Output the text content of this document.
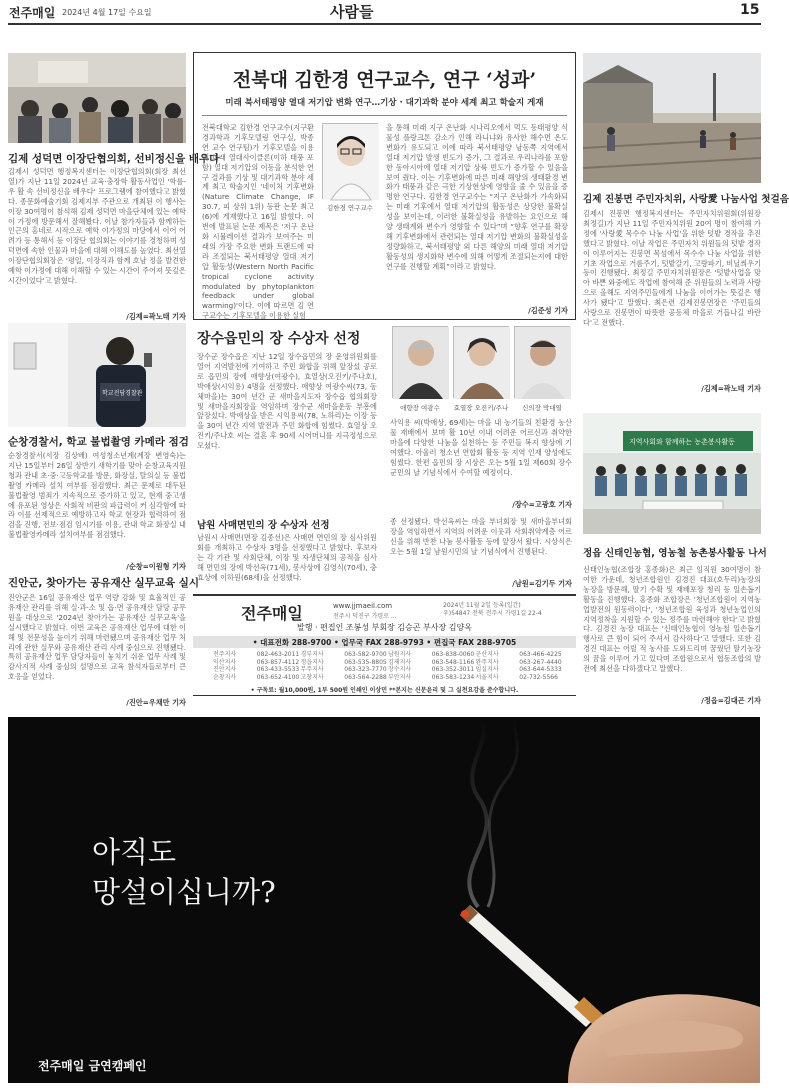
전주매일 2024년 4월 17일 수요일	사람들	15
김제 성덕면 이장단협의회, 선비정신을 배우다
김제시 성덕면 행정복지센터는 이장단협의회(회장 최선 열)가 지난 11일 2024년 교육·충장학 활동사업인 '학를-우 활 속 선비정신을 배우다' 프로그램에 참여했다고 밝혔다. 종문화예술기회 김제지부 주관으로 개최된 이 행사는 이장 30여명이 참석해 김제 성덕면 마을단체에 있는 예학 이 가정에 방문해서 잘해봤다. 이날 참가자들과 함께하는 인근의 홍네로 시작으로 예학 이가정의 마당에서 이어 어려가 등 통해서 등 이장단 협의회는 이야기를 경청하며 성덕면에 속한 인물과 마을에 대해 이해도를 높였다. 최선열 이장단협의회장은 '평일, 이장직과 함께 호남 정을 발견한 예학 이가정에 대해 이해할 수 있는 시간이 주어져 뜻깊은 시간이었다'고 밝혔다.
/김제=곽노태 기자
학교전담경찰관
순창경찰서, 학교 불법촬영 카메라 점검
순창경찰서(서장 김상배) 여성청소년계(계장 변영숙)는 지난 15일부터 26일 상반기 새학기를 맞아 순창교육지원청과 관내 초·중·고등학교를 방문, 화장실, 탈의실 등 불법촬영 카메라 설치 여부를 점검했다. 최근 문제로 대두된 불법촬영 범죄가 지속적으로 증가하고 있고, 현재 중고생에 유포된 영상은 사회적 비판의 파급력이 커 심각함에 따라 이를 선제적으로 예방하고자 학교 현장과 협력하여 점검을 진행, 전보·점검 임시기를 이용, 관내 학교 화장실 내 불법촬영카메라 설치여부를 점검했다.
/순창=이원형 기자
진안군, 찾아가는 공유재산 실무교육 실시
진안군은 16일 공유재산 업무 역량 강화 및 효율적인 공유재산 관리를 위해 실·과·소 및 읍·면 공유재산 담당 공무원을 대상으로 '2024년 찾아가는 공유재산 실무교육'을 실시했다고 밝혔다. 이번 교육은 공유재산 업무에 대한 이해 및 전문성을 높이기 위해 마련됐으며 공유재산 업무 처리에 관한 실무와 공유재산 관리 사례 중심으로 진행됐다. 특히 공유재산 업무 담당자들이 놓치기 쉬운 업무 사례 및 감사지적 사례 중심의 설명으로 교육 참석자들로부터 큰 호응을 얻었다.
/진안=우채만 기자
전북대 김한경 연구교수, 연구 ‘성과’
미래 북서태평양 열대 저기압 변화 연구…기상 · 대기과학 분야 세계 최고 학술지 게재
전북대학교 김한경 연구교수(지구환경과학과 기후모델링 연구실, 박종연 교수 연구팀)가 기후모델을 이용해 미래 열대사이클론(이하 태풍 포함) 열대 저기압의 이동을 분석한 연구 결과를 기상 및 대기과학 분야 세계 최고 학술지인 '네이처 기후변화(Nature Climate Change, IF 30.7, 피 상위 1위) 등판 논문 최고(6)에 게재했다고 16일 밝혔다. 이번에 발표된 논문 제목은 '저구 온난화 시뮬레이션 결과가 보여주는 미래의 가장 주요한 변화 트랜드에 따라 조절되는 북서태평양 열대 저기압 활동성(Western North Pacific tropical cyclone activity modulated by phytoplankton feedback under global warming)'이다. 이에 따르면 김 연구교수는 기후모델을 이용한 실험
김한경 연구교수
을 통해 미래 지구 온난화 시나리오에서 먹도 동태평양 식물성 플랑크톤 감소가 인해 라니냐와 유사한 해수면 온도변화가 유도되고 이에 따라 북서태평양 남동쪽 지역에서 열대 저기압 발생 빈도가 증가, 그 결과로 우리나라를 포함한 동아시아에 열대 저기압 상륙 빈도가 증가할 수 있음을 보여 줬다. 이는 기후변화에 따른 미래 해양의 생태환경 변화가 태풍과 같은 극한 기상현상에 영향을 줄 수 있음을 증명한 연구다. 김한경 연구교수는 “지구 온난화가 가속화되는 미래 기후에서 열대 저기압의 활동성은 상당한 불확실성을 보이는데, 이러한 불확실성을 유발하는 요인으로 해양 생태계와 변수가 영향할 수 있다”며 “향후 연구를 확장해 기후변화에서 관련되는 열대 저기압 변화의 불확실성을 정량화하고, 북서태평양 외 다른 해양의 미래 열대 저기압 활동성의 생지화학 변수에 의해 어떻게 조절되는지에 대한 연구를 진행할 계획”이라고 밝혔다.
/김준성 기자
장수읍민의 장 수상자 선정
장수군 장수읍은 지난 12일 장수읍민의 장 운영위원회를 열어 지역발전에 기여하고 주민 화합을 위해 앞장섰 공로로 읍민의 장에 애향상(여광수), 효열상(오진키/주나호), 박애상(시익용) 4명을 선정했다. 애향상 여광수씨(73, 동체마을)는 30여 년간 군 새마을지도자 장수읍 협의회장 및 새마을지회장을 역임하며 장수군 새마을운동 부흥에 앞장섰다. 박애상을 받은 시익용씨(78, 노하리)는 이장 등을 30여 년간 지역 발전과 주민 화합에 힘썼다. 효열상 오진키/주나호 씨는 결혼 후 90세 시어머니를 지극정성으로 모셨다.
애향장 여광수	효열장 오진키/주나	신의장 박대열
사익용 씨(박애상, 69세)는 마을 내 농기들의 친환경 농산물 재배에서 보며 활 10년 이내 어려운 어르신과 취약한 마을에 다양한 나눔을 실천하는 등 주민들 복지 향상에 기여했다. 아울러 청소년 연합회 활동 등 지역 인재 양성에도 힘썼다. 한편 읍민의 장 시상은 오는 5월 1일 제60회 장수군민의 날 기념식에서 수여할 예정이다.
/장수=고광호 기자
남원 사매면민의 장 수상자 선정
남원시 사매면(면장 김종선)은 사매면 면민의 장 심사위원회를 개최하고 수상자 3명을 선정했다고 밝혔다. 후보자는 각 기관 및 사회단체, 이장 및 자생단체의 공적을 심사해 면민의 장에 박선옥(71세), 봉사상에 김영식(70세), 충효상에 이하원(68세)을 선정했다.
종 선정됐다. 박선옥씨는 마을 부녀회장 및 새마을부녀회장을 역임하면서 지역의 어려운 이웃과 사회취약계층 어르신을 위해 반찬 나눔 봉사활동 등에 앞장서 왔다. 시상식은 오는 5월 1일 남원시민의 날 기념식에서 진행된다.
/남원=김기두 기자
전주매일	www.jjmaeil.com
전주시 덕진구 가령로 ...
2024년 11월 2일 등록(일간)
우)54847 전북 전주시 가령1길 22-4
발행 · 편집인 조봉성 부회장 김승곤 부사장 김양옥
• 대표전화 288-9700 • 업무국 FAX 288-9793 • 편집국 FAX 288-9705
전주지사	082-463-2011 경부지사	063-582-9700 남원지사	063-838-0060 군산지사	063-466-4225
익산지사	063-857-4112 정읍지사	063-535-8805 김제지사	063-548-1166 완주지사	063-267-4440
진안지사	063-433-5533 무주지사	063-323-7770 장수지사	063-352-3011 임실지사	063-644-5333
순창지사	063-652-4100 고창지사	063-564-2288 부안지사	063-583-1234 서울지사	02-732-5566
• 구독료: 월10,000원, 1부 500원 인쇄인 이상민 **본지는 신문윤리 및 그 실천요강을 준수합니다.
김제 진봉면 주민자치위, 사랑愛 나눔사업 첫걸음
김제시 진봉면 행정복지센터는 주민자치위원회(위원장 최정길)가 지난 11일 주민자치위원 20여 명이 참여해 가정에 '사랑愛 목수수 나눔 사업'을 위한 텃밭 경작을 추진했다고 밝혔다. 이날 작업은 주민자치 위원들의 텃밭 경작이 이루어지는 진봉면 목섬에서 목수수 나눔 사업을 위한 기초 작업으로 거름주기, 텃밭갈기, 고랑파기, 비닐씌우기 등이 진행됐다. 최정길 주민자치위원장은 '텃밭사업을 맞아 바쁜 와중에도 작업에 참여해 준 위원들의 노력과 사랑으로 올해도 지역주민들에게 나눔을 이어가는 뜻깊은 행사가 됐다'고 말했다. 최은련 김제진봉면장은 '주민들의 사랑으로 진봉면이 따뜻한 공동체 마을로 거듭나길 바란다'고 전했다.
/김제=곽노태 기자
지역사회와 함께하는 농촌봉사활동
정읍 신태인농협, 영농철 농촌봉사활동 나서
신태인농협(조합장 홍종화)은 최근 임직원 30여명이 참여한 가운데, 청년조합원인 김경진 대표(호두리)농장의 농장을 방문해, 딸기 수확 및 재배포장 청리 등 일손돕기 활동을 진행했다. 홍종화 조합장은 '청년조합원이 지역농업발전의 원동력이다', '청년조합원 육성과 청년농업인의 지역정착을 지원할 수 있는 정주를 마련해야 한다'고 밝혔다. 김경진 농장 대표는 '신태인농협이 영농철 일손돕기 행사로 큰 힘이 되어 주셔서 감사하다'고 말했다. 또한 김경진 대표는 어릴 적 농사를 도와드리며 꿈꿨던 딸기농장의 꿈을 이루어 가고 있다며 조합원으로서 협동조합의 발전에 최선을 다하겠다고 말했다.
/정읍=김대곤 기자
아직도
망설이십니까?
전주매일 금연캠페인
